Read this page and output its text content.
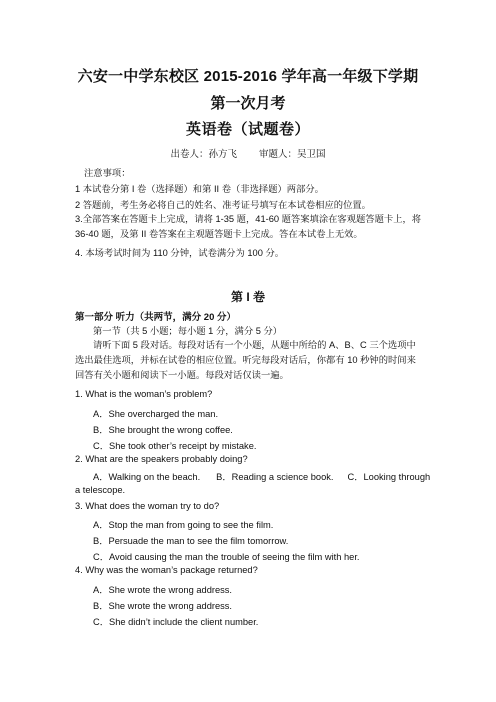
六安一中学东校区 2015-2016 学年高一年级下学期
第一次月考
英语卷（试题卷）
出卷人：孙方飞 审题人：吴卫国
注意事项：
1 本试卷分第 I 卷（选择题）和第 II 卷（非选择题）两部分。
2 答题前，考生务必将自己的姓名、准考证号填写在本试卷相应的位置。
3.全部答案在答题卡上完成，请将 1-35 题，41-60 题答案填涂在客观题答题卡上，将 36-40 题，及第 II 卷答案在主观题答题卡上完成。答在本试卷上无效。
4. 本场考试时间为 110 分钟，试卷满分为 100 分。
第 I 卷
第一部分 听力（共两节，满分 20 分）
第一节（共 5 小题；每小题 1 分，满分 5 分）
请听下面 5 段对话。每段对话有一个小题，从题中所给的 A、B、C 三个选项中选出最佳选项，并标在试卷的相应位置。听完每段对话后，你都有 10 秒钟的时间来回答有关小题和阅读下一小题。每段对话仅读一遍。
1. What is the woman’s problem?
A．She overcharged the man.
B．She brought the wrong coffee.
C．She took other’s receipt by mistake.
2. What are the speakers probably doing?
A．Walking on the beach. B．Reading a science book. C．Looking through
a telescope.
3. What does the woman try to do?
A．Stop the man from going to see the film.
B．Persuade the man to see the film tomorrow.
C．Avoid causing the man the trouble of seeing the film with her.
4. Why was the woman’s package returned?
A．She wrote the wrong address.
B．She wrote the wrong address.
C．She didn’t include the client number.
